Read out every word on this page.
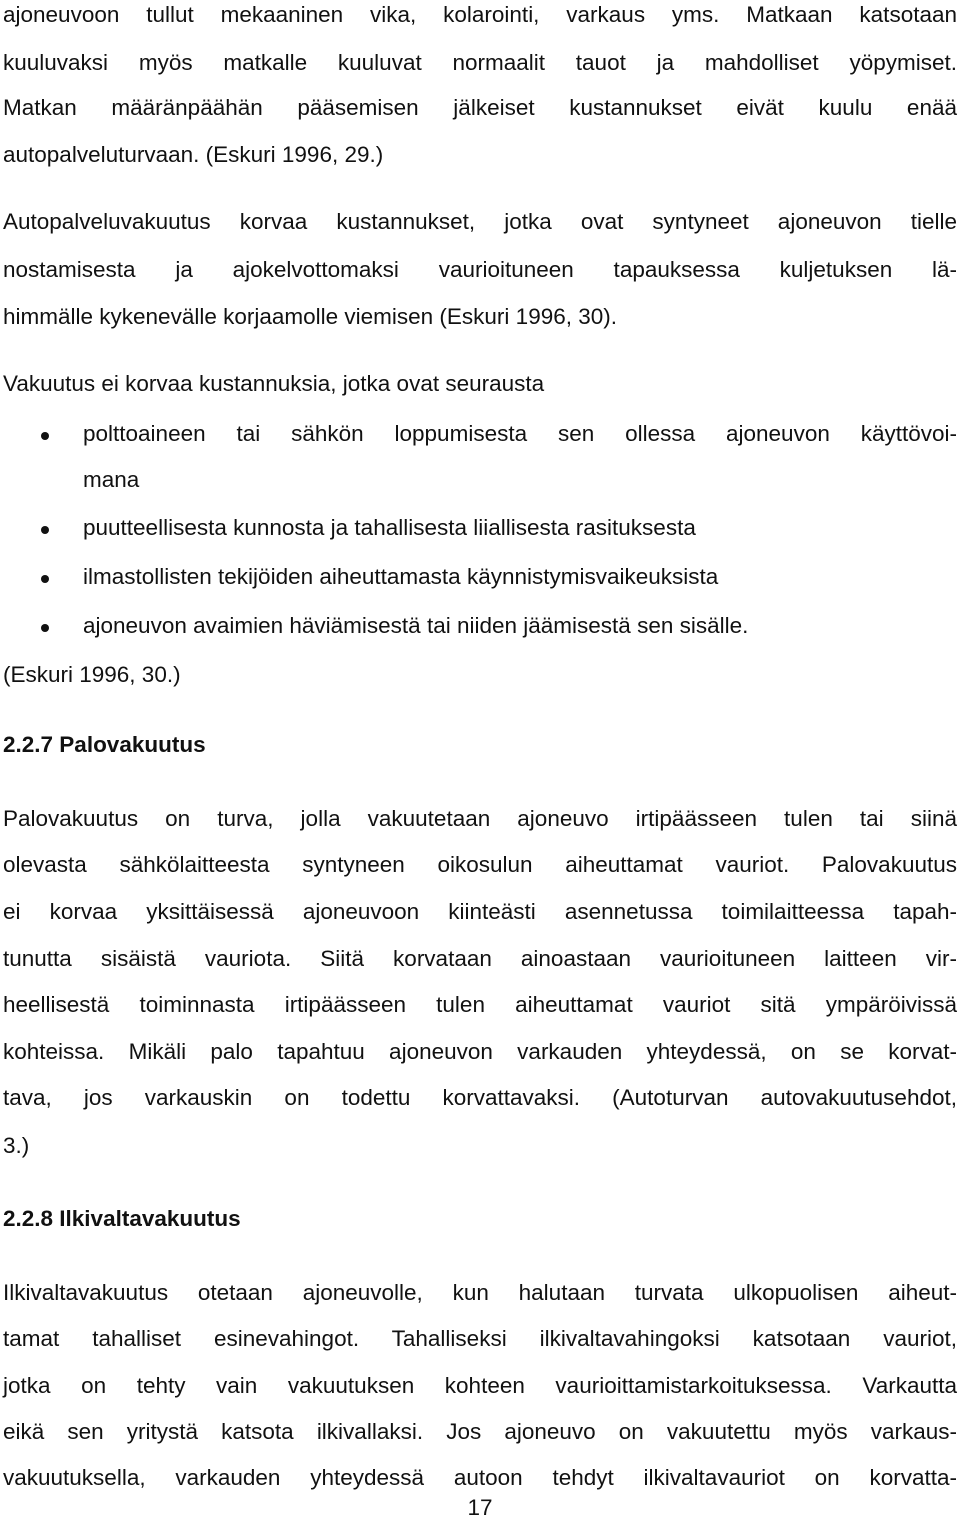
ajoneuvoon tullut mekaaninen vika, kolarointi, varkaus yms. Matkaan katsotaan
kuuluvaksi myös matkalle kuuluvat normaalit tauot ja mahdolliset yöpymiset.
Matkan määränpäähän pääsemisen jälkeiset kustannukset eivät kuulu enää
autopalveluturvaan. (Eskuri 1996, 29.)
Autopalveluvakuutus korvaa kustannukset, jotka ovat syntyneet ajoneuvon tielle
nostamisesta ja ajokelvottomaksi vaurioituneen tapauksessa kuljetuksen lä-
himmälle kykenevälle korjaamolle viemisen (Eskuri 1996, 30).
Vakuutus ei korvaa kustannuksia, jotka ovat seurausta
polttoaineen tai sähkön loppumisesta sen ollessa ajoneuvon käyttövoi-
mana
puutteellisesta kunnosta ja tahallisesta liiallisesta rasituksesta
ilmastollisten tekijöiden aiheuttamasta käynnistymisvaikeuksista
ajoneuvon avaimien häviämisestä tai niiden jäämisestä sen sisälle.
(Eskuri 1996, 30.)
2.2.7 Palovakuutus
Palovakuutus on turva, jolla vakuutetaan ajoneuvo irtipäässeen tulen tai siinä
olevasta sähkölaitteesta syntyneen oikosulun aiheuttamat vauriot. Palovakuutus
ei korvaa yksittäisessä ajoneuvoon kiinteästi asennetussa toimilaitteessa tapah-
tunutta sisäistä vauriota. Siitä korvataan ainoastaan vaurioituneen laitteen vir-
heellisestä toiminnasta irtipäässeen tulen aiheuttamat vauriot sitä ympäröivissä
kohteissa. Mikäli palo tapahtuu ajoneuvon varkauden yhteydessä, on se korvat-
tava, jos varkauskin on todettu korvattavaksi. (Autoturvan autovakuutusehdot,
3.)
2.2.8 Ilkivaltavakuutus
Ilkivaltavakuutus otetaan ajoneuvolle, kun halutaan turvata ulkopuolisen aiheut-
tamat tahalliset esinevahingot. Tahalliseksi ilkivaltavahingoksi katsotaan vauriot,
jotka on tehty vain vakuutuksen kohteen vaurioittamistarkoituksessa. Varkautta
eikä sen yritystä katsota ilkivallaksi. Jos ajoneuvo on vakuutettu myös varkaus-
vakuutuksella, varkauden yhteydessä autoon tehdyt ilkivaltavauriot on korvatta-
17
